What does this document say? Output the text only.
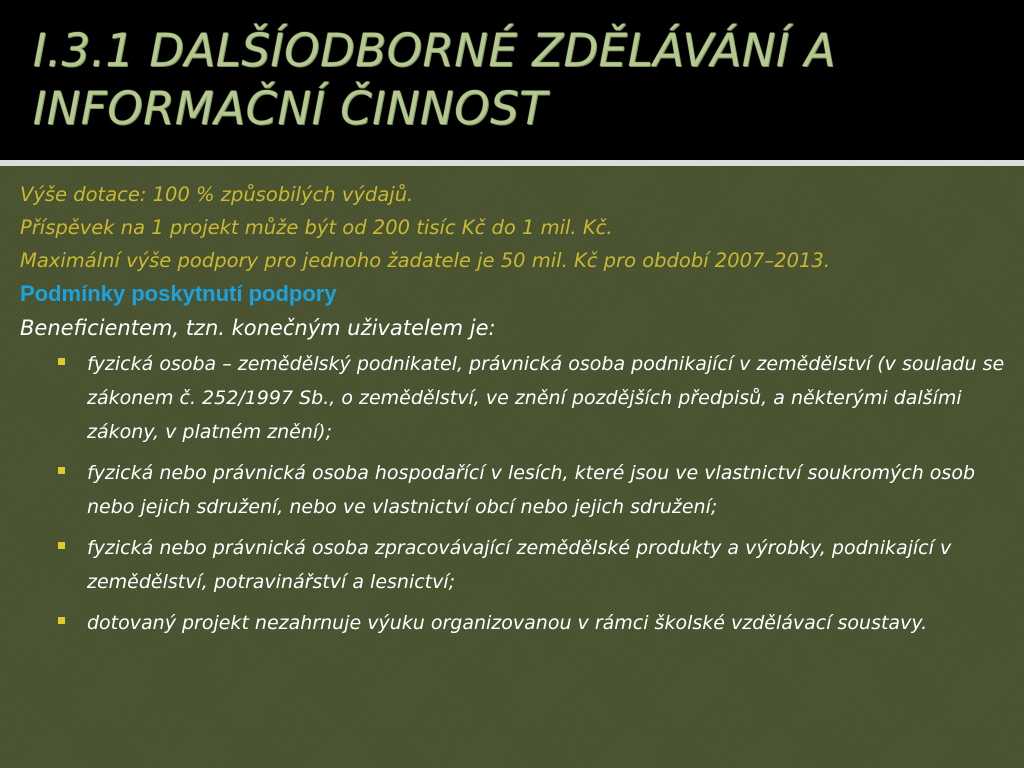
I.3.1 DALŠÍODBORNÉ ZDĚLÁVÁNÍ A
INFORMAČNÍ ČINNOST

Výše dotace: 100 % způsobilých výdajů.

Příspěvek na 1 projekt může být od 200 tisíc Kč do 1 mil. Kč.

Maximální výše podpory pro jednoho žadatele je 50 mil. Kč pro období 2007–2013.

Podmínky poskytnutí podpory

Beneficientem, tzn. konečným uživatelem je:

fyzická osoba – zemědělský podnikatel, právnická osoba podnikající v zemědělství (v souladu se zákonem č. 252/1997 Sb., o zemědělství, ve znění pozdějších předpisů, a některými dalšími zákony, v platném znění);
fyzická nebo právnická osoba hospodařící v lesích, které jsou ve vlastnictví soukromých osob nebo jejich sdružení, nebo ve vlastnictví obcí nebo jejich sdružení;
fyzická nebo právnická osoba zpracovávající zemědělské produkty a výrobky, podnikající v zemědělství, potravinářství a lesnictví;
dotovaný projekt nezahrnuje výuku organizovanou v rámci školské vzdělávací soustavy.
